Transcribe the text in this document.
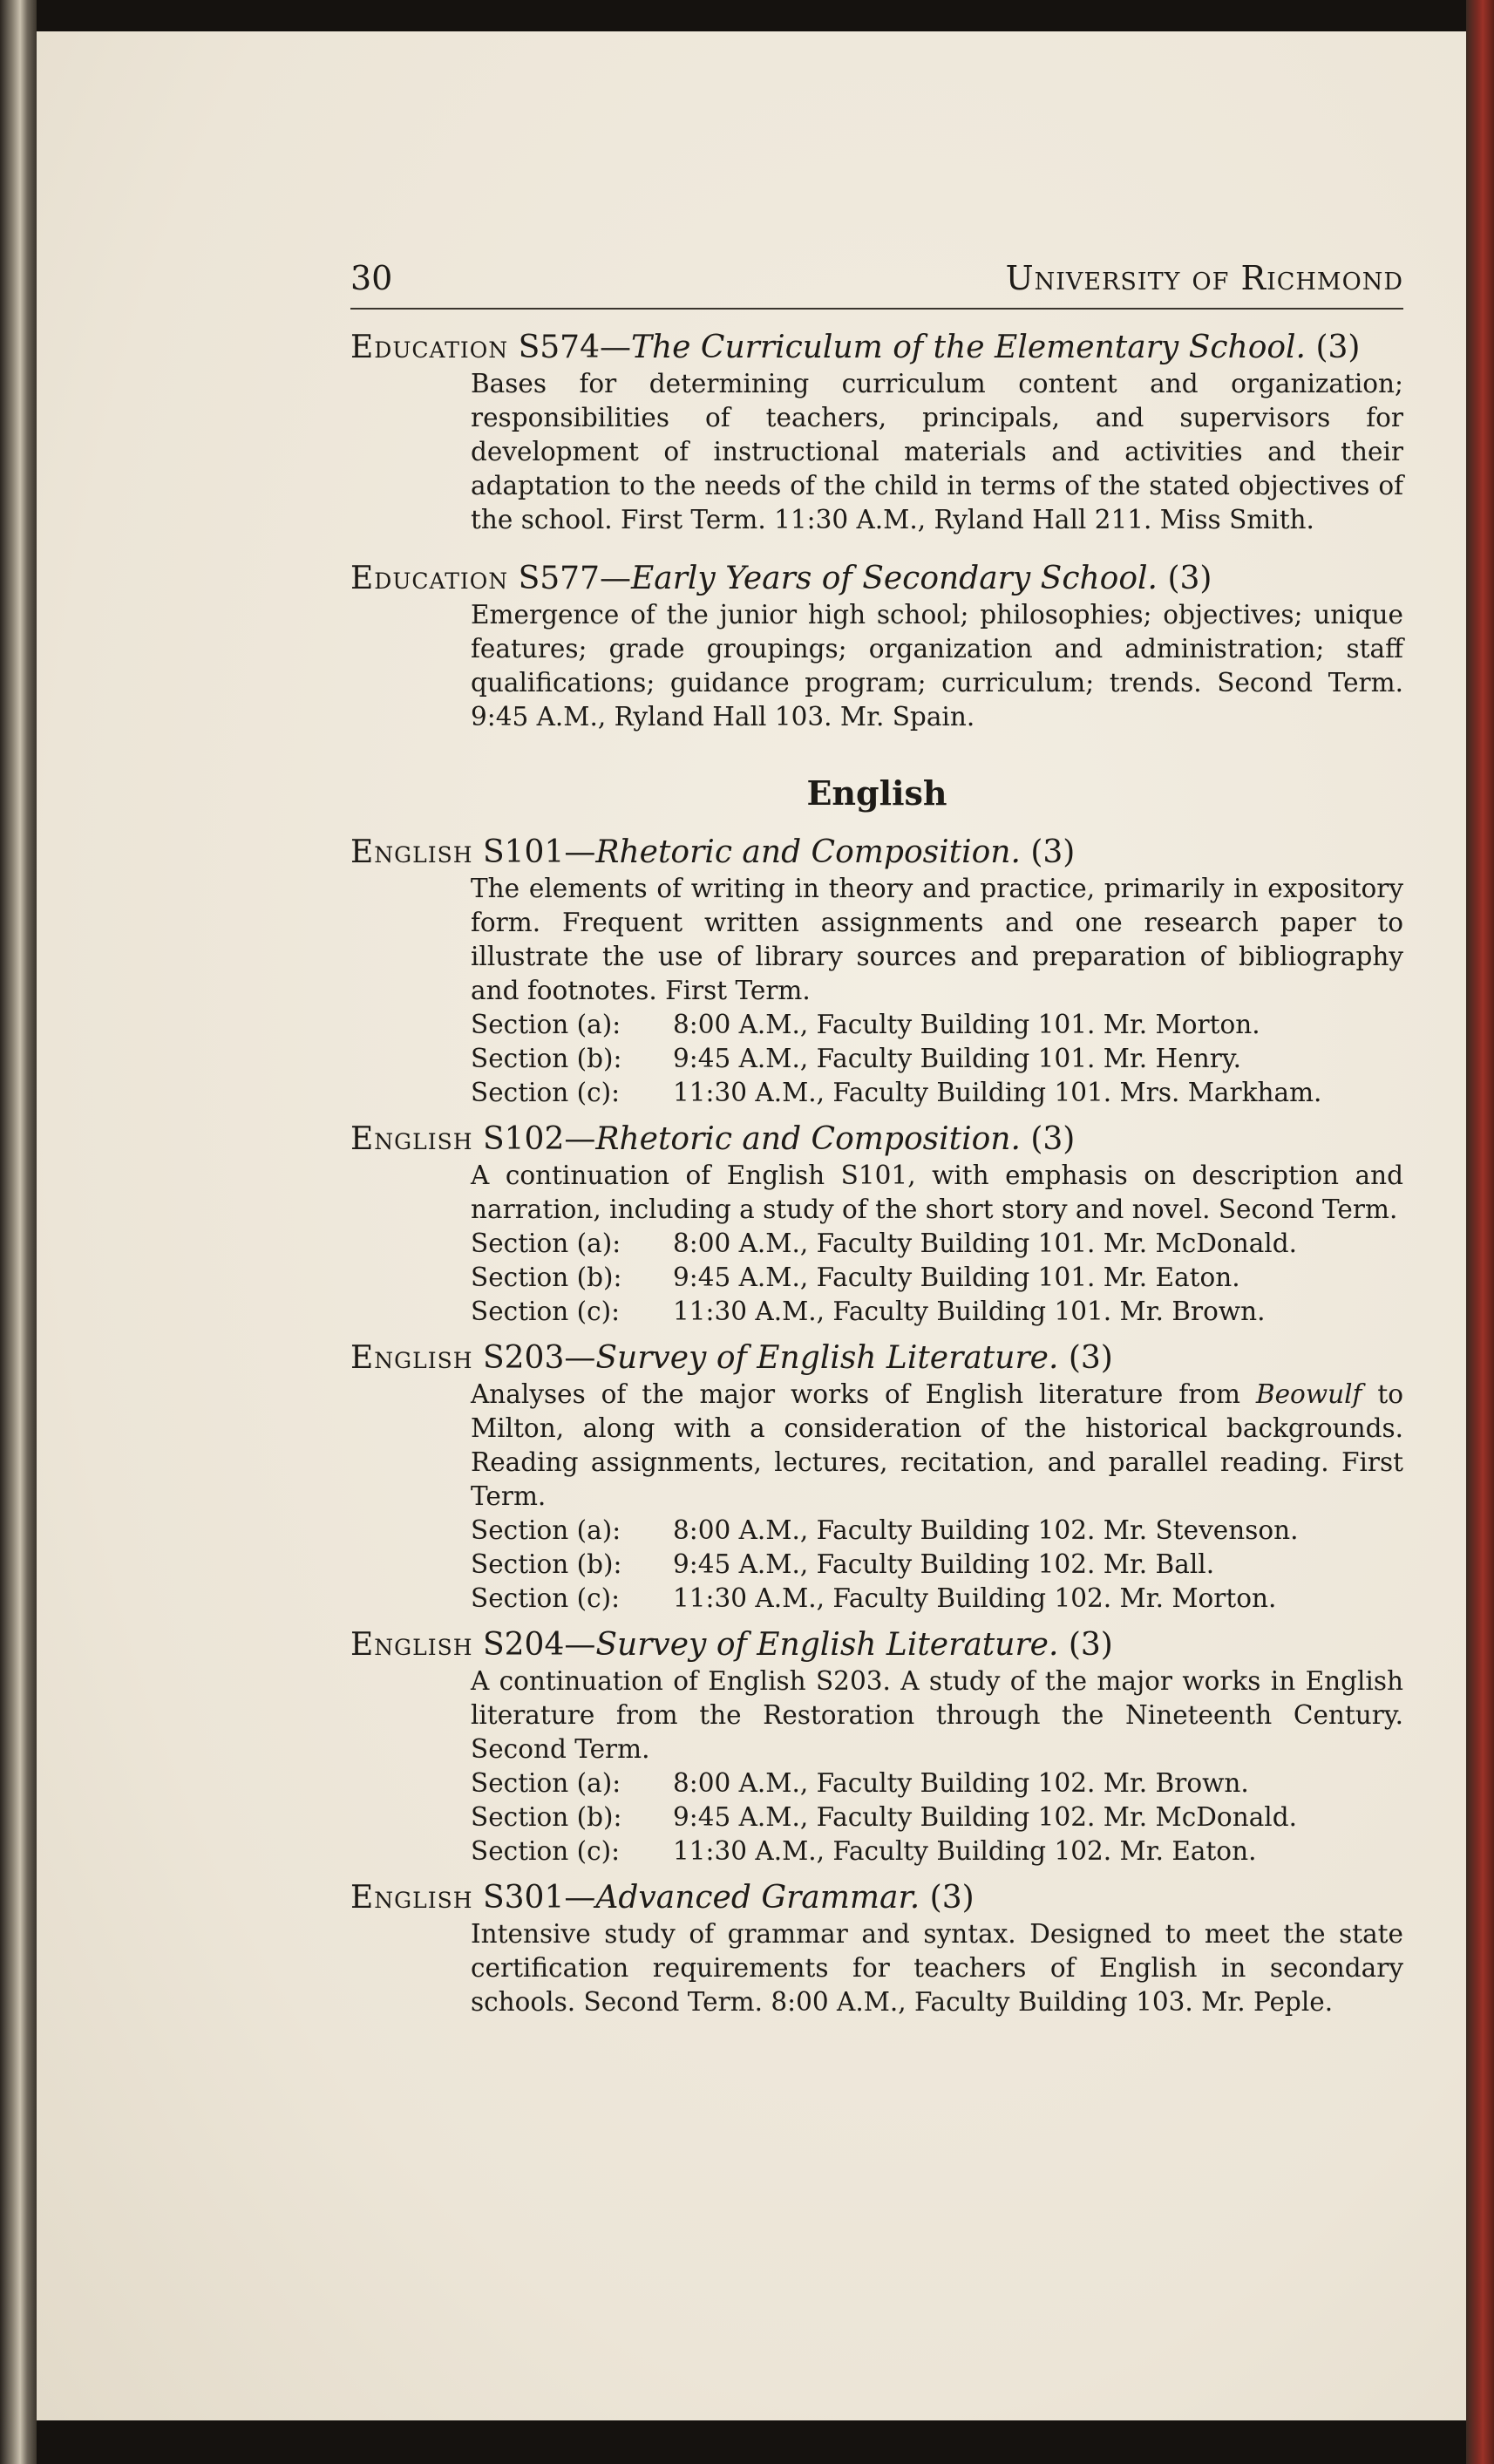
30	University of Richmond

Education S574—The Curriculum of the Elementary School. (3)

Bases for determining curriculum content and organization; responsibilities of teachers, principals, and supervisors for development of instructional materials and activities and their adaptation to the needs of the child in terms of the stated objectives of the school. First Term. 11:30 A.M., Ryland Hall 211. Miss Smith.

Education S577—Early Years of Secondary School. (3)

Emergence of the junior high school; philosophies; objectives; unique features; grade groupings; organization and administration; staff qualifications; guidance program; curriculum; trends. Second Term. 9:45 A.M., Ryland Hall 103. Mr. Spain.

English

English S101—Rhetoric and Composition. (3)

The elements of writing in theory and practice, primarily in expository form. Frequent written assignments and one research paper to illustrate the use of library sources and preparation of bibliography and footnotes. First Term.

Section (a): 8:00 A.M., Faculty Building 101. Mr. Morton.
Section (b): 9:45 A.M., Faculty Building 101. Mr. Henry.
Section (c): 11:30 A.M., Faculty Building 101. Mrs. Markham.

English S102—Rhetoric and Composition. (3)

A continuation of English S101, with emphasis on description and narration, including a study of the short story and novel. Second Term.

Section (a): 8:00 A.M., Faculty Building 101. Mr. McDonald.
Section (b): 9:45 A.M., Faculty Building 101. Mr. Eaton.
Section (c): 11:30 A.M., Faculty Building 101. Mr. Brown.

English S203—Survey of English Literature. (3)

Analyses of the major works of English literature from Beowulf to Milton, along with a consideration of the historical backgrounds. Reading assignments, lectures, recitation, and parallel reading. First Term.

Section (a): 8:00 A.M., Faculty Building 102. Mr. Stevenson.
Section (b): 9:45 A.M., Faculty Building 102. Mr. Ball.
Section (c): 11:30 A.M., Faculty Building 102. Mr. Morton.

English S204—Survey of English Literature. (3)

A continuation of English S203. A study of the major works in English literature from the Restoration through the Nineteenth Century. Second Term.

Section (a): 8:00 A.M., Faculty Building 102. Mr. Brown.
Section (b): 9:45 A.M., Faculty Building 102. Mr. McDonald.
Section (c): 11:30 A.M., Faculty Building 102. Mr. Eaton.

English S301—Advanced Grammar. (3)

Intensive study of grammar and syntax. Designed to meet the state certification requirements for teachers of English in secondary schools. Second Term. 8:00 A.M., Faculty Building 103. Mr. Peple.
